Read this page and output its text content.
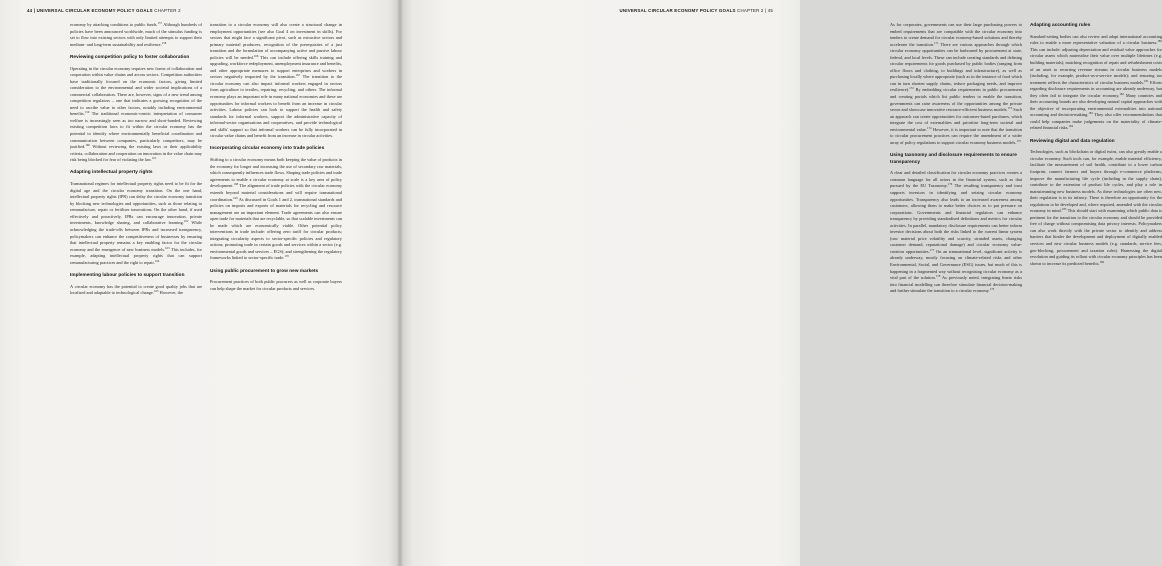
44 | UNIVERSAL CIRCULAR ECONOMY POLICY GOALS CHAPTER 2

economy by attaching conditions to public funds.$^{157}$ Although hundreds of policies have been announced worldwide, much of the stimulus funding is set to flow into existing sectors with only limited attempts to support their medium- and long-term sustainability and resilience.$^{158}$

Reviewing competition policy to foster collaboration

Operating in the circular economy requires new forms of collaboration and cooperation within value chains and across sectors. Competition authorities have traditionally focused on the economic factors, giving limited consideration to the environmental and wider societal implications of a commercial collaboration. There are, however, signs of a new trend among competition regulators – one that indicates a growing recognition of the need to ascribe value to other factors, notably including environmental benefits.$^{159}$ The traditional economic-centric interpretation of consumer welfare is increasingly seen as too narrow and short-handed. Reviewing existing competition laws to fit within the circular economy has the potential to identify where environmentally beneficial coordination and communication between companies, particularly competitors, may be justified.$^{160}$ Without reviewing the existing laws or their applicability criteria, collaboration and cooperation on innovation in the value chain may risk being blocked for fear of violating the law.$^{161}$

Adapting intellectual property rights

Transnational regimes for intellectual property rights need to be fit for the digital age and the circular economy transition. On the one hand, intellectual property rights (IPR) can delay the circular economy transition by blocking new technologies and opportunities, such as those relating to remanufacture, repair or fertiliser innovations. On the other hand, if used effectively and proactively, IPRs can encourage innovation, private investments, knowledge sharing, and collaborative learning.$^{162}$ While acknowledging the trade-offs between IPRs and increased transparency, policymakers can enhance the competitiveness of businesses by ensuring that intellectual property remains a key enabling factor for the circular economy and the emergence of new business models.$^{163}$ This includes, for example, adapting intellectual property rights that can support remanufacturing practices and the right to repair.$^{164}$

Implementing labour policies to support transition

A circular economy has the potential to create good quality jobs that are localised and adaptable to technological change.$^{165}$ However, the

transition to a circular economy will also create a structural change in employment opportunities (see also Goal 4 on investment in skills). For sectors that might face a significant pivot, such as extractive sectors and primary material producers, recognition of the prerequisites of a just transition and the formulation of accompanying active and passive labour policies will be needed.$^{166}$ This can include offering skills training and upgrading, workforce redeployment, unemployment insurance and benefits, and other appropriate measures to support enterprises and workers in sectors negatively impacted by the transition.$^{167}$ The transition to the circular economy can also impact informal workers engaged in sectors from agriculture to textiles, repairing, recycling, and others. The informal economy plays an important role in many national economies and these are opportunities for informal workers to benefit from an increase in circular activities. Labour policies can look to support the health and safety standards for informal workers, support the administrative capacity of informal-sector organisations and cooperatives, and provide technological and skills' support so that informal workers can be fully incorporated in circular value chains and benefit from an increase in circular activities.

Incorporating circular economy into trade policies

Shifting to a circular economy means both keeping the value of products in the economy for longer and increasing the use of secondary raw materials, which consequently influences trade flows. Shaping trade policies and trade agreements to enable a circular economy at scale is a key area of policy development.$^{168}$ The alignment of trade policies with the circular economy extends beyond material considerations and will require transnational coordination.$^{169}$ As discussed in Goals 1 and 2, transnational standards and policies on imports and exports of materials for recycling and resource management are an important element. Trade agreements can also ensure open trade for materials that are recyclable, so that scalable investments can be made which are economically viable. Other potential policy interventions in trade include: offering zero tariff for circular products; integrating circularity aspects to sector-specific policies and regulatory actions; promoting trade in certain goods and services within a sector (e.g. environmental goods and services – EGS); and strengthening the regulatory frameworks linked to sector-specific trade.$^{170}$

Using public procurement to grow new markets

Procurement practices of both public procurers as well as corporate buyers can help shape the market for circular products and services.

UNIVERSAL CIRCULAR ECONOMY POLICY GOALS CHAPTER 2 | 45

As for corporates, governments can use their large purchasing powers to embed requirements that are compatible with the circular economy into tenders to create demand for circular economy-based solutions and thereby accelerate the transition.$^{171}$ There are various approaches through which circular economy opportunities can be harboured by procurement at state, federal, and local levels. These can include creating standards and defining circular requirements for goods purchased by public bodies (ranging from office floors and clothing, to buildings and infrastructure), as well as purchasing locally where appropriate (such as in the instance of food which can in turn shorten supply chains, reduce packaging needs, and improve resilience).$^{172}$ By embedding circular requirements in public procurement and creating portals which list public tenders to enable the transition, governments can raise awareness of the opportunities among the private sector and showcase innovative resource-efficient business models.$^{173}$ Such an approach can create opportunities for outcomes-based purchases, which integrate the cost of externalities and prioritise long-term societal and environmental value.$^{174}$ However, it is important to note that the transition to circular procurement practices can require the amendment of a wider array of policy regulations to support circular economy business models.$^{175}$

Using taxonomy and disclosure requirements to ensure transparency

A clear and detailed classification for circular economy practices creates a common language for all actors in the financial system, such as that pursued by the EU Taxonomy.$^{176}$ The resulting transparency and trust supports investors in identifying and seizing circular economy opportunities. Transparency also leads to an increased awareness among customers, allowing them to make better choices as to put pressure on corporations. Governments and financial regulators can enhance transparency by providing standardised definitions and metrics for circular activities. In parallel, mandatory disclosure requirements can better inform investor decisions about both the risks linked to the current linear system (raw material price volatility and scarcity, stranded assets, changing customer demand, reputational damage) and circular economy value-creation opportunities.$^{177}$ On an transnational level, significant activity is already underway, mostly focusing on climate-related risks and other Environmental, Social, and Governance (ESG) issues, but much of this is happening in a fragmented way without recognising circular economy as a vital part of the solution.$^{178}$ As previously noted, integrating linear risks into financial modelling can therefore stimulate financial decision-making and further stimulate the transition to a circular economy.$^{179}$

Adapting accounting rules

Standard-setting bodies can also review and adapt international accounting rules to enable a more representative valuation of a circular business.$^{180}$ This can include: adjusting depreciation and residual value approaches for circular assets which materialise their value over multiple lifetimes (e.g. building materials); matching recognition of repair and refurbishment costs of an asset to recurring revenue streams in circular business models (including, for example, product-as-a-service models); and ensuring tax treatment reflects the characteristics of circular business models.$^{181}$ Efforts regarding disclosure requirements in accounting are already underway, but they often fail to integrate the circular economy.$^{182}$ Many countries and their accounting boards are also developing natural capital approaches with the objective of incorporating environmental externalities into national accounting and decision-making.$^{183}$ They also offer recommendations that could help companies make judgements on the materiality of climate-related financial risks.$^{184}$

Reviewing digital and data regulation

Technologies, such as blockchain or digital twins, can also greatly enable a circular economy. Such tools can, for example, enable material efficiency, facilitate the measurement of soil health, contribute to a lower carbon footprint, connect farmers and buyers through e-commerce platforms, improve the manufacturing life cycle (including in the supply chain), contribute to the extension of product life cycles, and play a role in mainstreaming new business models. As these technologies are often new, their regulation is in its infancy. There is therefore an opportunity for the regulations to be developed and, where required, amended with the circular economy in mind.$^{185}$ This should start with examining which public data is pertinent for the transition to the circular economy and should be provided free of charge without compromising data privacy interests. Policymakers can also work directly with the private sector to identify and address barriers that hinder the development and deployment of digitally enabled services and new circular business models (e.g. standards, service fees, geo-blocking, procurement and taxation rules). Harnessing the digital revolution and guiding its rollout with circular economy principles has been shown to increase its predicted benefits.$^{186}$
